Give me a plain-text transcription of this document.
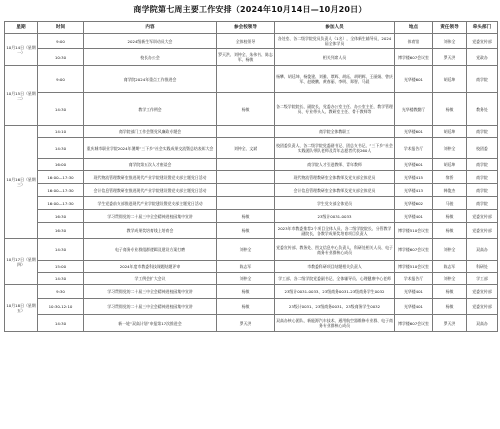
商学院第七周主要工作安排（2024年10月14日—10月20日）
星期	时间	内容	参会校领导	参加人员	地点	责任领导	牵头部门
10月14日（星期一）	9:00	2024级新生军训动员大会	全体校领导	各处室、各二级学院党员负责人（1名），全体新生辅导员，2024届全体学员	体育馆	刘伟全	党委宣传部
	10:30	校长办公会	罗天洪、刘仲全、朱伟书、陈志军、杨敏	相关列席人员	博学楼607会议室	罗天洪	党政办
10月15日（星期二）	9:00	商学院2024年重点工作推进会		杨攀、胡廷坤、杨俊建、刘雅、覃辉、胡珏、胡明辉、王丽娟、曾庆军、赵晓鹏、黄春丽、李明、郑智、马晨	光华楼601	胡廷坤	商学院
	14:30	教学工作例会	杨敏	各二级学院院长、副院长，党委办公室主任、办公室主任，教学管理员、专业带头人、教研室主任、骨干教师等	光华楼教勤厅	杨敏	教务处
10月16日（星期三）	14:10	商学院部门工作会暨党风廉政专题会		商学院全体教职工	光华楼601	胡廷坤	商学院
	14:30	重庆城市职业学院2024年暑期“三下乡”社会实践成果交流暨总结表彰大会	刘仲全、文斌	校团委负责人、各二级学院党委副书记、团总支书记、“三下乡”社会实践团队带队老师及青年志愿者代表260人	学术报告厅	刘仲全	校团委
	16:00	商学院第五次人才座谈会		商学院人才引进教师、青年教师	光华楼601	胡廷坤	商学院
	16:00—17:30	现代物流管理教研室推进现代产业学院建设暨党支部主题党日活动		现代物流管理教研室全体教师及党支部全体党员	光华楼415	黎侨	商学院
	16:00—17:30	会计信息管理教研室推进现代产业学院建设暨党支部主题党日活动		会计信息管理教研室全体教师及党支部全体党员	光华楼413	韩俊杰	商学院
	16:00—17:30	学生党委前支部推进现代产业学院建设暨党支部主题党日活动		学生党支部全体党员	光华楼602	马骏	商学院
	16:30	学习贯彻党的二十届三中全会精神进校园集中宣讲	杨敏	23级计0031-0033	光华楼401	杨敏	党委宣传部
	16:30	教学成果奖培育线上培育会	杨敏	2023年市教委推荐2个项目全体人员、各二级学院院长、分管教学副院长，各教学成果奖培育项目负责人	博学楼510会议室	杨敏	党委宣传部
10月17日（星期四）	14:30	电子商务专业群组群逻辑及建设方案打磨	刘仲全	党委宣传部、教务处、图文信息中心负责人，科研处相关人员、电子商务专业群核心成员	博学楼607会议室	刘仲全	双高办
	15:00	2024年度市教委科技课题结题评审	陈志军	市教委科研项目结题相关负责人	博学楼510会议室	陈志军	科研处
	14:30	学工例会扩大会议	刘仲全	学工部、各二级学院党委副书记、全体辅导员、心理健康中心老师	学术报告厅	刘仲全	学工部
10月18日（星期五）	9:30	学习贯彻党的二十届三中全会精神进校园集中宣讲	杨敏	23级计0031-0033、23级商务0031-23级商务学生0032	光华楼401	杨敏	党委宣传部
	10:30-12:10	学习贯彻党的二十届三中全会精神进校园集中宣讲	杨敏	23级计0031、23级商务0031、23级商务学生0032	光华楼401	杨敏	党委宣传部
	14:30	新一轮“双高计划”申报第17次推进会	罗天洪	双高办核心团队、新能源汽车技术、通用航空器维修专业群、电子商务专业群核心成员	博学楼607会议室	罗天洪	双高办
